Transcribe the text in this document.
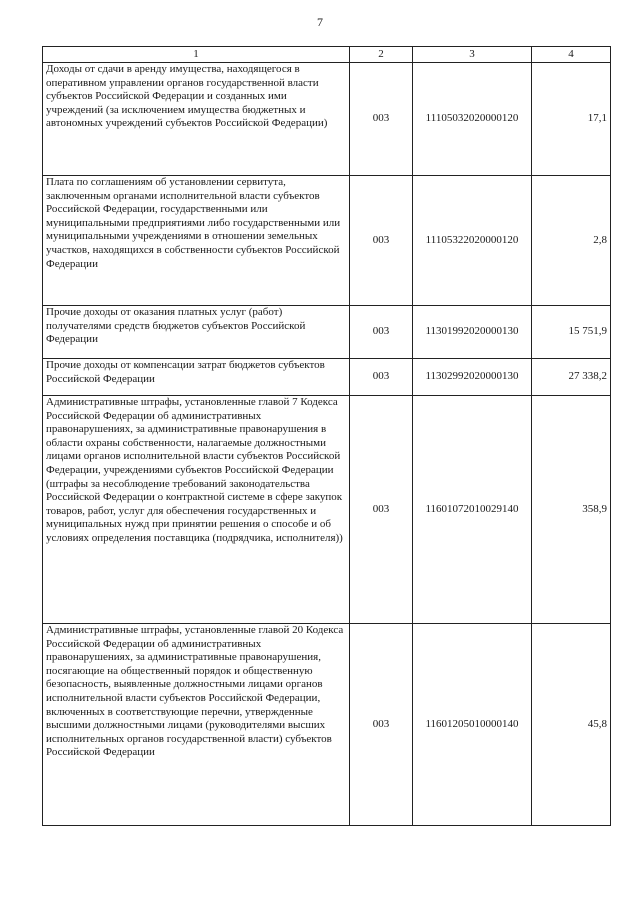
7
1	2	3	4
Доходы от сдачи в аренду имущества, находящегося в оперативном управлении органов государственной власти субъектов Российской Федерации и созданных ими учреждений (за исключением имущества бюджетных и автономных учреждений субъектов Российской Федерации)	003	11105032020000120	17,1
Плата по соглашениям об установлении сервитута, заключенным органами исполнительной власти субъектов Российской Федерации, государственными или муниципальными предприятиями либо государственными или муниципальными учреждениями в отношении земельных участков, находящихся в собственности субъектов Российской Федерации	003	11105322020000120	2,8
Прочие доходы от оказания платных услуг (работ) получателями средств бюджетов субъектов Российской Федерации	003	11301992020000130	15 751,9
Прочие доходы от компенсации затрат бюджетов субъектов Российской Федерации	003	11302992020000130	27 338,2
Административные штрафы, установленные главой 7 Кодекса Российской Федерации об административных правонарушениях, за административные правонарушения в области охраны собственности, налагаемые должностными лицами органов исполнительной власти субъектов Российской Федерации, учреждениями субъектов Российской Федерации (штрафы за несоблюдение требований законодательства Российской Федерации о контрактной системе в сфере закупок товаров, работ, услуг для обеспечения государственных и муниципальных нужд при принятии решения о способе и об условиях определения поставщика (подрядчика, исполнителя))	003	11601072010029140	358,9
Административные штрафы, установленные главой 20 Кодекса Российской Федерации об административных правонарушениях, за административные правонарушения, посягающие на общественный порядок и общественную безопасность, выявленные должностными лицами органов исполнительной власти субъектов Российской Федерации, включенных в соответствующие перечни, утвержденные высшими должностными лицами (руководителями высших исполнительных органов государственной власти) субъектов Российской Федерации	003	11601205010000140	45,8
